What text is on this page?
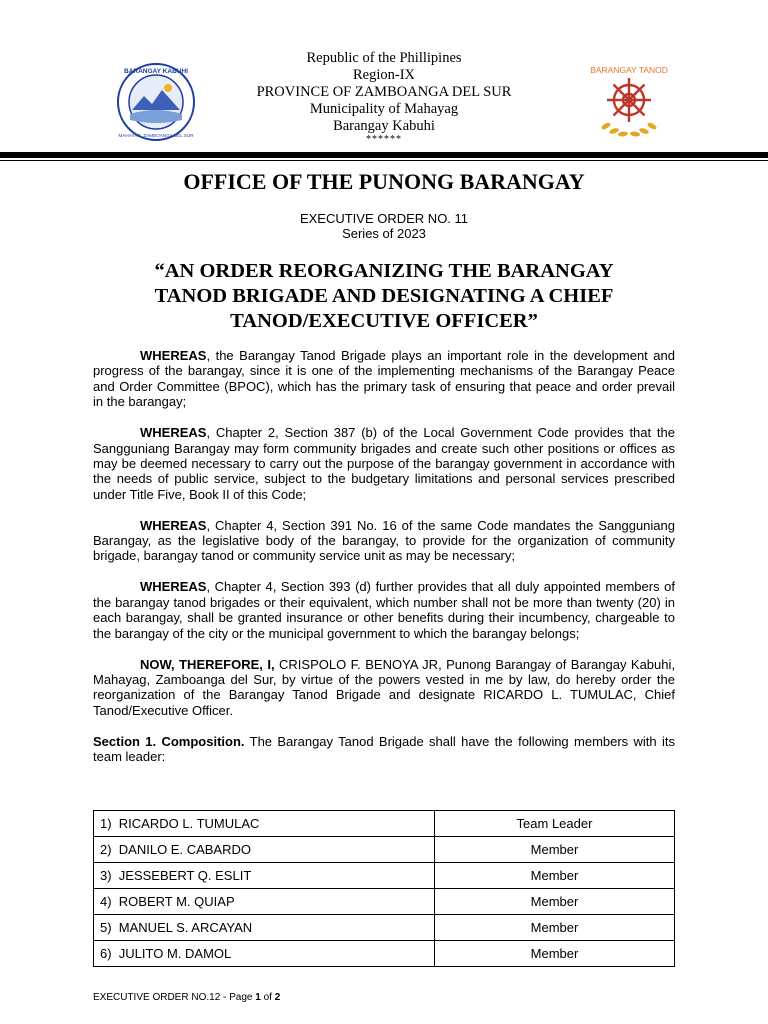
BARANGAY KABUHI
MAHAYAG, ZAMBOANGA DEL SUR
Republic of the Phillipines
Region-IX
PROVINCE OF ZAMBOANGA DEL SUR
Municipality of Mahayag
Barangay Kabuhi
******
BARANGAY TANOD
OFFICE OF THE PUNONG BARANGAY
EXECUTIVE ORDER NO. 11
Series of 2023
“AN ORDER REORGANIZING THE BARANGAY
TANOD BRIGADE AND DESIGNATING A CHIEF
TANOD/EXECUTIVE OFFICER”

WHEREAS, the Barangay Tanod Brigade plays an important role in the development and progress of the barangay, since it is one of the implementing mechanisms of the Barangay Peace and Order Committee (BPOC), which has the primary task of ensuring that peace and order prevail in the barangay;

WHEREAS, Chapter 2, Section 387 (b) of the Local Government Code provides that the Sangguniang Barangay may form community brigades and create such other positions or offices as may be deemed necessary to carry out the purpose of the barangay government in accordance with the needs of public service, subject to the budgetary limitations and personal services prescribed under Title Five, Book II of this Code;

WHEREAS, Chapter 4, Section 391 No. 16 of the same Code mandates the Sangguniang Barangay, as the legislative body of the barangay, to provide for the organization of community brigade, barangay tanod or community service unit as may be necessary;

WHEREAS, Chapter 4, Section 393 (d) further provides that all duly appointed members of the barangay tanod brigades or their equivalent, which number shall not be more than twenty (20) in each barangay, shall be granted insurance or other benefits during their incumbency, chargeable to the barangay of the city or the municipal government to which the barangay belongs;

NOW, THEREFORE, I, CRISPOLO F. BENOYA JR, Punong Barangay of Barangay Kabuhi, Mahayag, Zamboanga del Sur, by virtue of the powers vested in me by law, do hereby order the reorganization of the Barangay Tanod Brigade and designate RICARDO L. TUMULAC, Chief Tanod/Executive Officer.

Section 1. Composition. The Barangay Tanod Brigade shall have the following members with its team leader:

1) RICARDO L. TUMULAC	Team Leader
2) DANILO E. CABARDO	Member
3) JESSEBERT Q. ESLIT	Member
4) ROBERT M. QUIAP	Member
5) MANUEL S. ARCAYAN	Member
6) JULITO M. DAMOL	Member
EXECUTIVE ORDER NO.12 - Page 1 of 2
